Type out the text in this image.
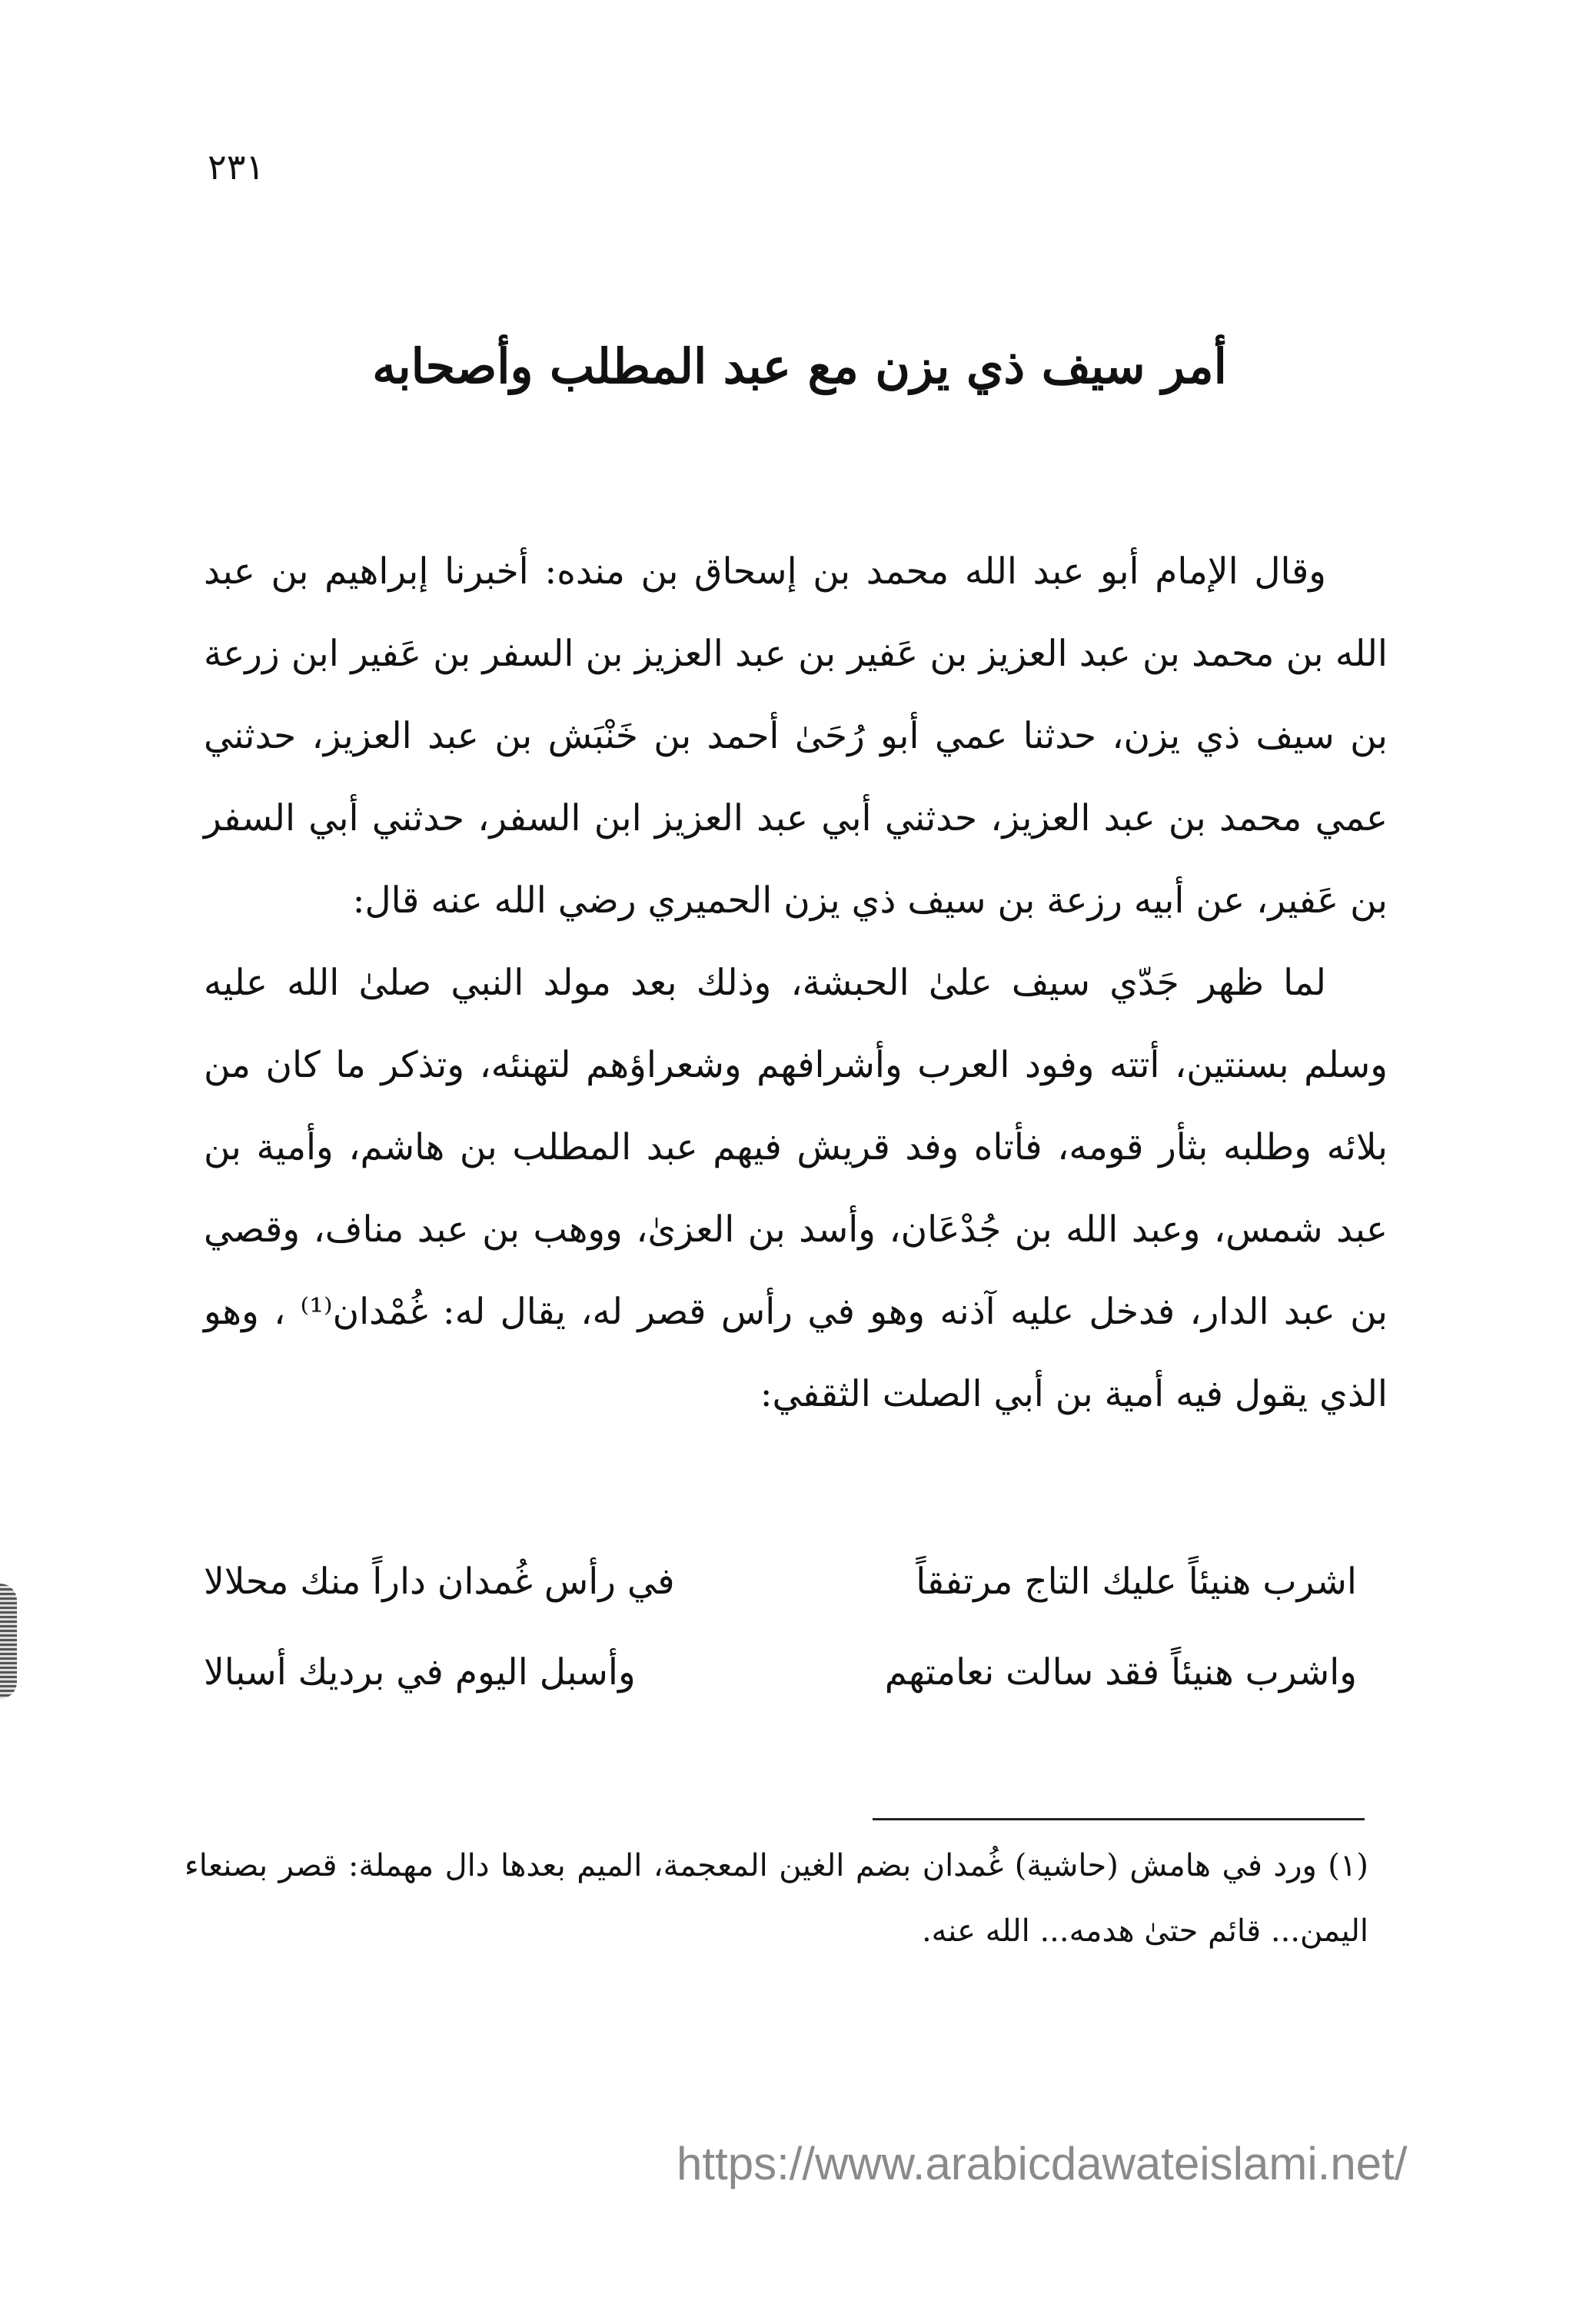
٢٣١
أمر سيف ذي يزن مع عبد المطلب وأصحابه

وقال الإمام أبو عبد الله محمد بن إسحاق بن منده: أخبرنا إبراهيم بن عبد الله بن محمد بن عبد العزيز بن عَفير بن عبد العزيز بن السفر بن عَفير ابن زرعة بن سيف ذي يزن، حدثنا عمي أبو رُحَىٰ أحمد بن خَنْبَش بن عبد العزيز، حدثني عمي محمد بن عبد العزيز، حدثني أبي عبد العزيز ابن السفر، حدثني أبي السفر بن عَفير، عن أبيه رزعة بن سيف ذي يزن الحميري رضي الله عنه قال:

لما ظهر جَدّي سيف علىٰ الحبشة، وذلك بعد مولد النبي صلىٰ الله عليه وسلم بسنتين، أتته وفود العرب وأشرافهم وشعراؤهم لتهنئه، وتذكر ما كان من بلائه وطلبه بثأر قومه، فأتاه وفد قريش فيهم عبد المطلب بن هاشم، وأمية بن عبد شمس، وعبد الله بن جُدْعَان، وأسد بن العزىٰ، ووهب بن عبد مناف، وقصي بن عبد الدار، فدخل عليه آذنه وهو في رأس قصر له، يقال له: غُمْدان⁽¹⁾ ، وهو الذي يقول فيه أمية بن أبي الصلت الثقفي:

اشرب هنيئاً عليك التاج مرتفقاً
في رأس غُمدان داراً منك محلالا
واشرب هنيئاً فقد سالت نعامتهم
وأسبل اليوم في برديك أسبالا

(١) ورد في هامش (حاشية) غُمدان بضم الغين المعجمة، الميم بعدها دال مهملة: قصر بصنعاء اليمن... قائم حتىٰ هدمه... الله عنه.

https://www.arabicdawateislami.net/
